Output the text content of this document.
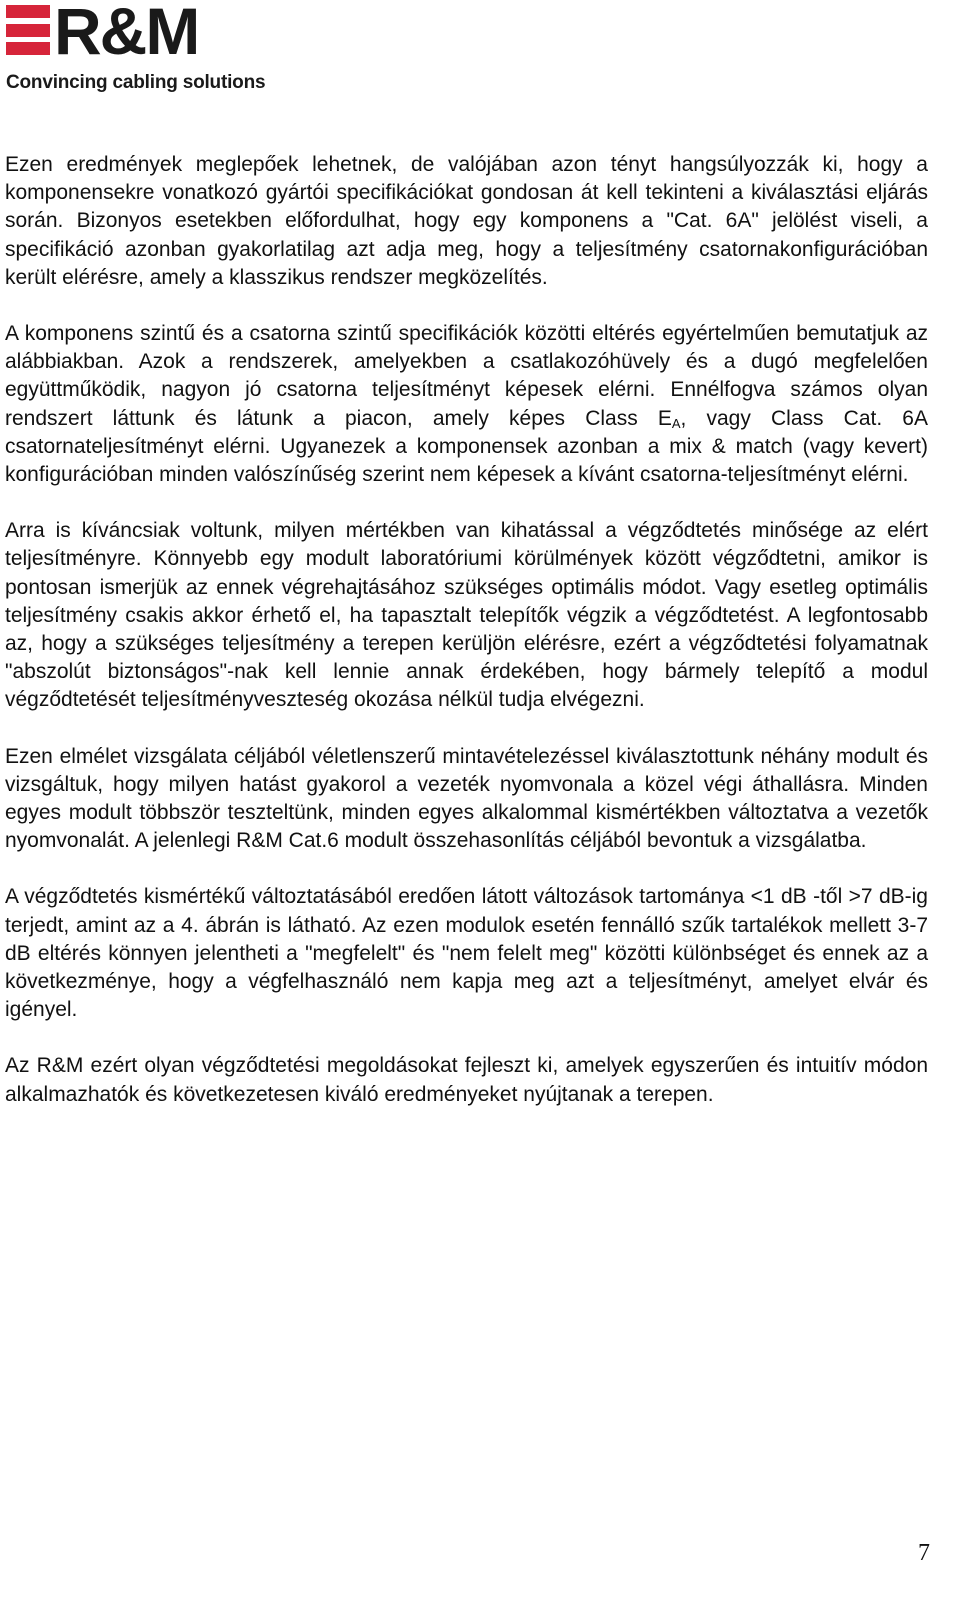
R&M
Convincing cabling solutions

Ezen eredmények meglepőek lehetnek, de valójában azon tényt hangsúlyozzák ki, hogy a komponensekre vonatkozó gyártói specifikációkat gondosan át kell tekinteni a kiválasztási eljárás során. Bizonyos esetekben előfordulhat, hogy egy komponens a "Cat. 6A" jelölést viseli, a specifikáció azonban gyakorlatilag azt adja meg, hogy a teljesítmény csatornakonfigurációban került elérésre, amely a klasszikus rendszer megközelítés.

A komponens szintű és a csatorna szintű specifikációk közötti eltérés egyértelműen bemutatjuk az alábbiakban. Azok a rendszerek, amelyekben a csatlakozóhüvely és a dugó megfelelően együttműködik, nagyon jó csatorna teljesítményt képesek elérni. Ennélfogva számos olyan rendszert láttunk és látunk a piacon, amely képes Class $E_A$, vagy Class Cat. 6A csatornateljesítményt elérni. Ugyanezek a komponensek azonban a mix & match (vagy kevert) konfigurációban minden valószínűség szerint nem képesek a kívánt csatorna-teljesítményt elérni.

Arra is kíváncsiak voltunk, milyen mértékben van kihatással a végződtetés minősége az elért teljesítményre. Könnyebb egy modult laboratóriumi körülmények között végződtetni, amikor is pontosan ismerjük az ennek végrehajtásához szükséges optimális módot. Vagy esetleg optimális teljesítmény csakis akkor érhető el, ha tapasztalt telepítők végzik a végződtetést. A legfontosabb az, hogy a szükséges teljesítmény a terepen kerüljön elérésre, ezért a végződtetési folyamatnak "abszolút biztonságos"-nak kell lennie annak érdekében, hogy bármely telepítő a modul végződtetését teljesítményveszteség okozása nélkül tudja elvégezni.

Ezen elmélet vizsgálata céljából véletlenszerű mintavételezéssel kiválasztottunk néhány modult és vizsgáltuk, hogy milyen hatást gyakorol a vezeték nyomvonala a közel végi áthallásra. Minden egyes modult többször teszteltünk, minden egyes alkalommal kismértékben változtatva a vezetők nyomvonalát. A jelenlegi R&M Cat.6 modult összehasonlítás céljából bevontuk a vizsgálatba.

A végződtetés kismértékű változtatásából eredően látott változások tartománya <1 dB -től >7 dB-ig terjedt, amint az a 4. ábrán is látható. Az ezen modulok esetén fennálló szűk tartalékok mellett 3-7 dB eltérés könnyen jelentheti a "megfelelt" és "nem felelt meg" közötti különbséget és ennek az a következménye, hogy a végfelhasználó nem kapja meg azt a teljesítményt, amelyet elvár és igényel.

Az R&M ezért olyan végződtetési megoldásokat fejleszt ki, amelyek egyszerűen és intuitív módon alkalmazhatók és következetesen kiváló eredményeket nyújtanak a terepen.

7
